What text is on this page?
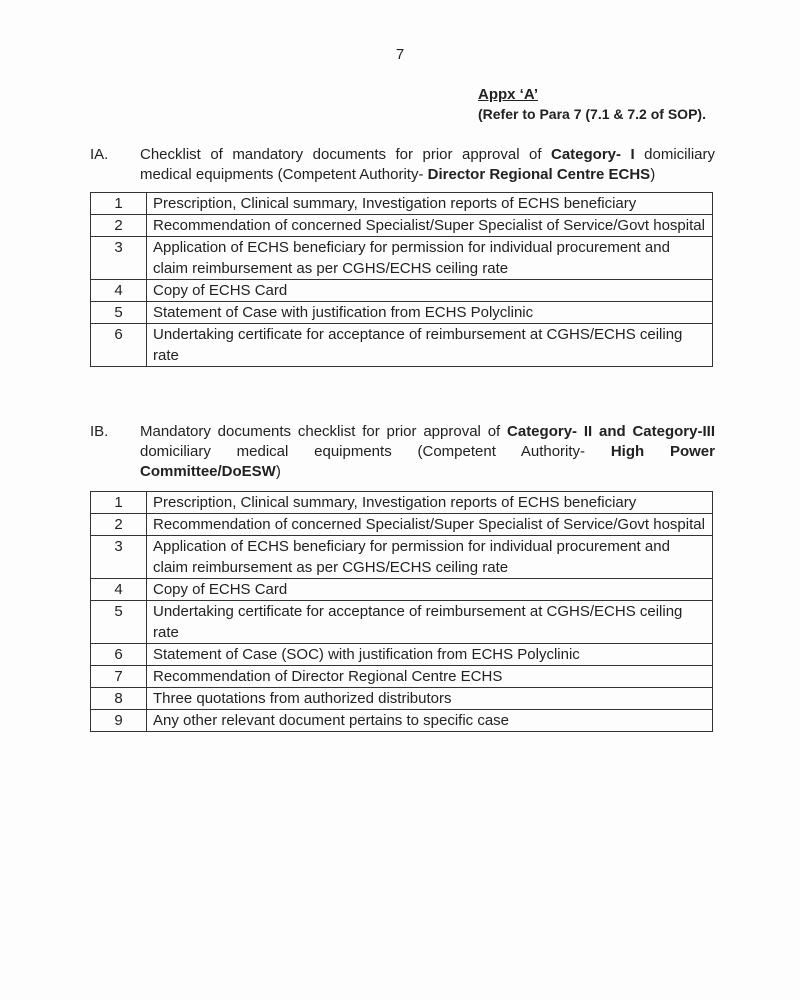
7
Appx ‘A’
(Refer to Para 7 (7.1 & 7.2 of SOP).
IA. Checklist of mandatory documents for prior approval of Category- I domiciliary medical equipments (Competent Authority- Director Regional Centre ECHS)
1	Prescription, Clinical summary, Investigation reports of ECHS beneficiary
2	Recommendation of concerned Specialist/Super Specialist of Service/Govt hospital
3	Application of ECHS beneficiary for permission for individual procurement and claim reimbursement as per CGHS/ECHS ceiling rate
4	Copy of ECHS Card
5	Statement of Case with justification from ECHS Polyclinic
6	Undertaking certificate for acceptance of reimbursement at CGHS/ECHS ceiling rate
IB. Mandatory documents checklist for prior approval of Category- II and Category-III domiciliary medical equipments (Competent Authority- High Power Committee/DoESW)
1	Prescription, Clinical summary, Investigation reports of ECHS beneficiary
2	Recommendation of concerned Specialist/Super Specialist of Service/Govt hospital
3	Application of ECHS beneficiary for permission for individual procurement and claim reimbursement as per CGHS/ECHS ceiling rate
4	Copy of ECHS Card
5	Undertaking certificate for acceptance of reimbursement at CGHS/ECHS ceiling rate
6	Statement of Case (SOC) with justification from ECHS Polyclinic
7	Recommendation of Director Regional Centre ECHS
8	Three quotations from authorized distributors
9	Any other relevant document pertains to specific case
